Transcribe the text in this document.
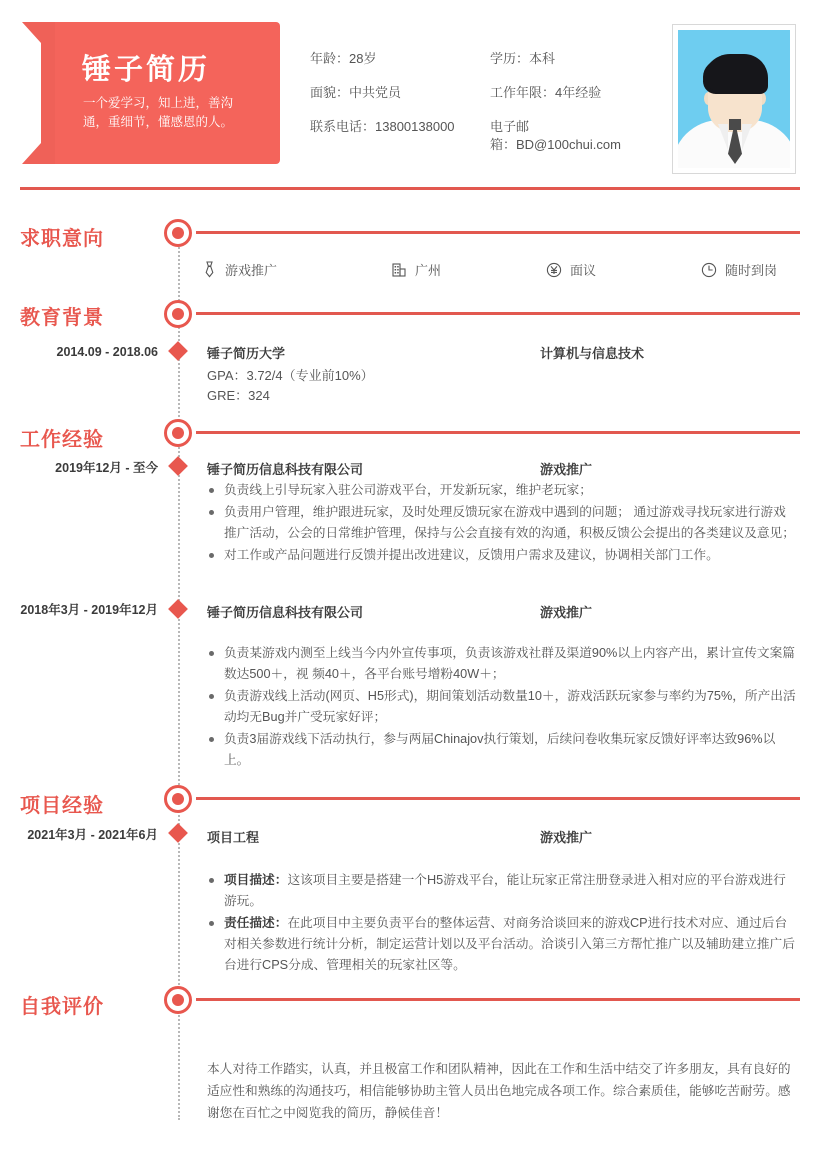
锤子简历
一个爱学习，知上进，善沟通，重细节，懂感恩的人。
年龄：28岁
面貌：中共党员
联系电话：13800138000
学历：本科
工作年限：4年经验
电子邮
箱：BD@100chui.com
求职意向
游戏推广	广州	面议	随时到岗
教育背景
2014.09 - 2018.06	锤子简历大学	计算机与信息技术
GPA：3.72/4（专业前10%）
GRE：324
工作经验
2019年12月 - 至今	锤子简历信息科技有限公司	游戏推广
负责线上引导玩家入驻公司游戏平台，开发新玩家，维护老玩家；
负责用户管理，维护跟进玩家，及时处理反馈玩家在游戏中遇到的问题； 通过游戏寻找玩家进行游戏推广活动，公会的日常维护管理，保持与公会直接有效的沟通，积极反馈公会提出的各类建议及意见；
对工作或产品问题进行反馈并提出改进建议，反馈用户需求及建议，协调相关部门工作。
2018年3月 - 2019年12月	锤子简历信息科技有限公司	游戏推广
负责某游戏内测至上线当今内外宣传事项，负责该游戏社群及渠道90%以上内容产出，累计宣传文案篇数达500＋，视 频40＋，各平台账号增粉40W＋；
负责游戏线上活动(网页、H5形式)，期间策划活动数量10＋，游戏活跃玩家参与率约为75%，所产出活动均无Bug并广受玩家好评；
负责3届游戏线下活动执行，参与两届Chinajov执行策划，后续问卷收集玩家反馈好评率达致96%以上。
项目经验
2021年3月 - 2021年6月	项目工程	游戏推广
项目描述：这该项目主要是搭建一个H5游戏平台，能让玩家正常注册登录进入相对应的平台游戏进行游玩。
责任描述：在此项目中主要负责平台的整体运营、对商务洽谈回来的游戏CP进行技术对应、通过后台对相关参数进行统计分析，制定运营计划以及平台活动。洽谈引入第三方帮忙推广以及辅助建立推广后台进行CPS分成、管理相关的玩家社区等。
自我评价
本人对待工作踏实，认真，并且极富工作和团队精神，因此在工作和生活中结交了许多朋友，具有良好的适应性和熟练的沟通技巧，相信能够协助主管人员出色地完成各项工作。综合素质佳，能够吃苦耐劳。感谢您在百忙之中阅览我的简历，静候佳音！
